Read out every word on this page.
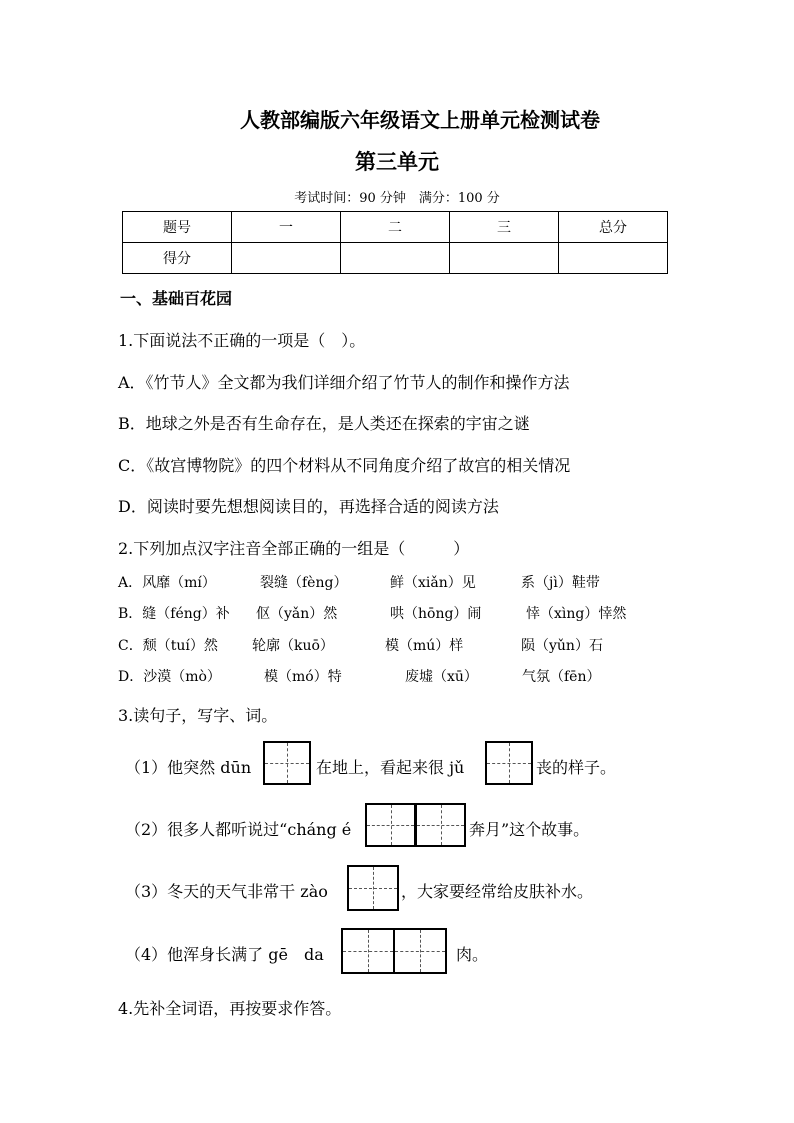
人教部编版六年级语文上册单元检测试卷
第三单元
考试时间：90 分钟　满分：100 分
题号	一	二	三	总分
得分				
一、基础百花园
1.下面说法不正确的一项是（　）。
A．《竹节人》全文都为我们详细介绍了竹节人的制作和操作方法
B．地球之外是否有生命存在，是人类还在探索的宇宙之谜
C．《故宫博物院》的四个材料从不同角度介绍了故宫的相关情况
D．阅读时要先想想阅读目的，再选择合适的阅读方法
2.下列加点汉字注音全部正确的一组是（　　　）
A．风靡（mí）	裂缝（fèng）	鲜（xiǎn）见	系（jì）鞋带
B．缝（féng）补 伛（yǎn）然	哄（hōng）闹	悻（xìng）悻然
C．颓（tuí）然 轮廓（kuō）	模（mú）样	陨（yǔn）石
D．沙漠（mò）	模（mó）特	废墟（xū）	气氛（fēn）
3.读句子，写字、词。
（1）他突然 dūn	在地上，看起来很 jǔ	丧的样子。
（2）很多人都听说过“cháng é	奔月”这个故事。
（3）冬天的天气非常干 zào	，大家要经常给皮肤补水。
（4）他浑身长满了 gē　da	肉。
4.先补全词语，再按要求作答。
